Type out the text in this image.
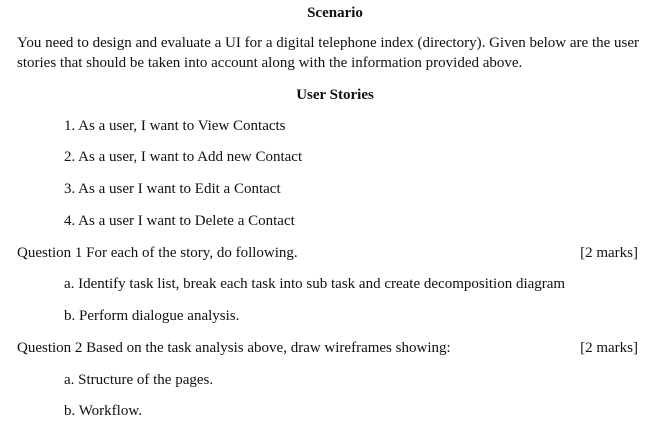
Scenario
You need to design and evaluate a UI for a digital telephone index (directory). Given below are the user stories that should be taken into account along with the information provided above.
User Stories
1. As a user, I want to View Contacts
2. As a user, I want to Add new Contact
3. As a user I want to Edit a Contact
4. As a user I want to Delete a Contact
Question 1 For each of the story, do following.	[2 marks]
a. Identify task list, break each task into sub task and create decomposition diagram
b. Perform dialogue analysis.
Question 2 Based on the task analysis above, draw wireframes showing:	[2 marks]
a. Structure of the pages.
b. Workflow.
